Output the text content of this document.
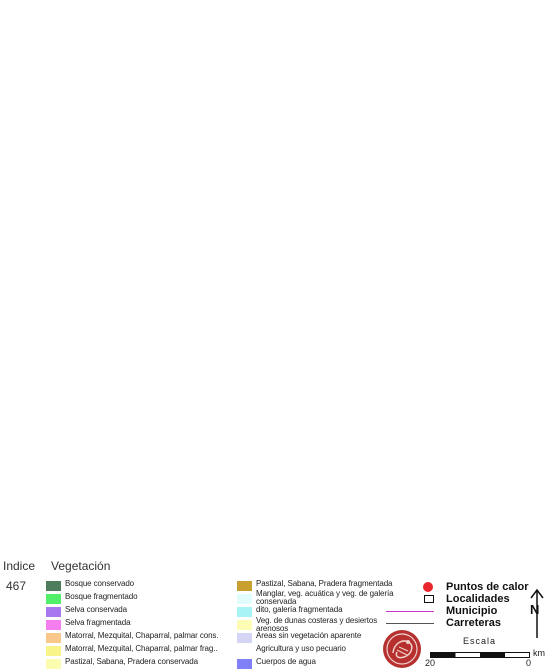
Indice Vegetación
467	Bosque conservado
Bosque fragmentado
Selva conservada
Selva fragmentada
Matorral, Mezquital, Chaparral, palmar cons.
Matorral, Mezquital, Chaparral, palmar frag..
Pastizal, Sabana, Pradera conservada
Pastizal, Sabana, Pradera fragmentada
Manglar, veg. acuática y veg. de galería conservada
dito, galería fragmentada
Veg. de dunas costeras y desiertos arenosos
Areas sin vegetación aparente
Agricultura y uso pecuario
Cuerpos de agua
Puntos de calor
Localidades
Municipio
Carreteras
N
Escala
20	0
km
